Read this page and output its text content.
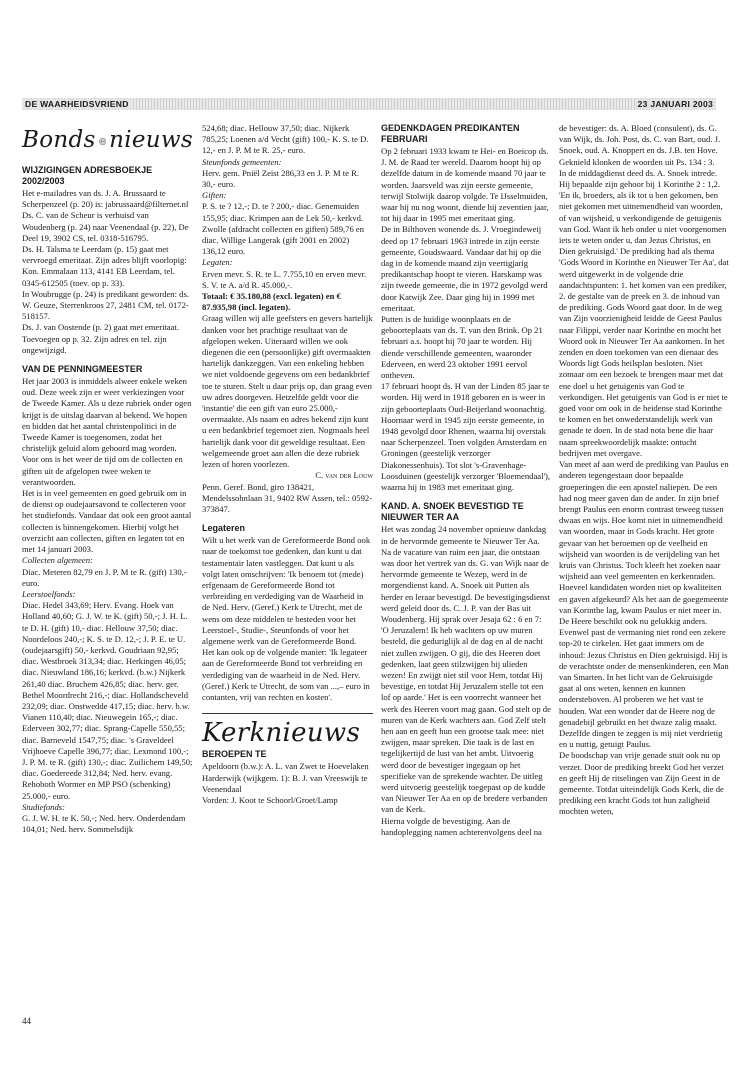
DE WAARHEIDSVRIEND	23 JANUARI 2003
Bonds nieuws
WIJZIGINGEN ADRESBOEKJE 2002/2003

Het e-mailadres van ds. J. A. Brussaard te Scherpenzeel (p. 20) is: jabrussaard@filternet.nl

Ds. C. van de Scheur is verhuisd van Woudenberg (p. 24) naar Veenendaal (p. 22), De Deel 19, 3902 CS, tel. 0318-516795.

Ds. H. Talsma te Leerdam (p. 15) gaat met vervroegd emeritaat. Zijn adres blijft voorlopig: Kon. Emmalaan 113, 4141 EB Leerdam, tel. 0345-612505 (toev. op p. 33).

In Woubrugge (p. 24) is predikant geworden: ds. W. Geuze, Sterrenkroos 27, 2481 CM, tel. 0172-518157.

Ds. J. van Oostende (p. 2) gaat met emeritaat. Toevoegen op p. 32. Zijn adres en tel. zijn ongewijzigd.

VAN DE PENNINGMEESTER

Het jaar 2003 is inmiddels alweer enkele weken oud. Deze week zijn er weer verkiezingen voor de Tweede Kamer. Als u deze rubriek onder ogen krijgt is de uitslag daarvan al bekend. We hopen en bidden dat het aantal christenpolitici in de Tweede Kamer is toegenomen, zodat het christelijk geluid alom gehoord mag worden. Voor ons is het weer de tijd om de collecten en giften uit de afgelopen twee weken te verantwoorden.

Het is in veel gemeenten en goed gebruik om in de dienst op oudejaarsavond te collecteren voor het studiefonds. Vandaar dat ook een groot aantal collecten is binnengekomen. Hierbij volgt het overzicht aan collecten, giften en legaten tot en met 14 januari 2003.

Collecten algemeen:

Diac. Meteren 82,79 en J. P. M te R. (gift) 130,- euro.

Leerstoelfonds:

Diac. Hedel 343,69; Herv. Evang. Hoek van Holland 40,60; G. J. W. te K. (gift) 50,-; J. H. L. te D. H. (gift) 10,- diac. Hellouw 37,50; diac. Noordeloos 240,-; K. S. te D. 12,-; J. P. E. te U. (oudejaarsgift) 50,- kerkvd. Goudriaan 92,95; diac. Westbroek 313,34; diac. Herkingen 46,05; diac. Nieuwland 186,16; kerkvd. (b.w.) Nijkerk 261,40 diac. Bruchem 426,85; diac. herv. ger. Bethel Moordrecht 216,-; diac. Hollandscheveld 232,09; diac. Onstwedde 417,15; diac. herv. b.w. Vianen 110,40; diac. Nieuwegein 165,-; diac. Ederveen 302,77; diac. Sprang-Capelle 550,55; diac. Barneveld 1547,75; diac. 's Graveldeel Vrijhoeve Capelle 396,77; diac. Lexmond 100,-; J. P. M. te R. (gift) 130,-; diac. Zuilichem 149,50; diac. Goedereede 312,84; Ned. herv. evang. Rehoboth Wormer en MP PSO (schenking) 25.000,- euro.

Studiefonds:

G. J. W. H. te K. 50,-; Ned. herv. Onderdendam 104,01; Ned. herv. Sommelsdijk

524,68; diac. Hellouw 37,50; diac. Nijkerk 785,25; Loenen a/d Vecht (gift) 100,- K. S. te D. 12,- en J. P. M te R. 25,- euro.

Steunfonds gemeenten:

Herv. gem. Pniël Zeist 286,33 en J. P. M te R. 30,- euro.

Giften:

P. S. te ? 12,-; D. te ? 200,- diac. Genemuiden 155,95; diac. Krimpen aan de Lek 50,- kerkvd. Zwolle (afdracht collecten en giften) 589,76 en diac. Willige Langerak (gift 2001 en 2002) 136,12 euro.

Legaten:

Erven mevr. S. R. te L. 7.755,10 en erven mevr. S. V. te A. a/d R. 45.000,-.

Totaal: € 35.180,88 (excl. legaten) en € 87.935,98 (incl. legaten).

Graag willen wij alle geefsters en gevers hartelijk danken voor het prachtige resultaat van de afgelopen weken. Uiteraard willen we ook diegenen die een (persoonlijke) gift overmaakten hartelijk dankzeggen. Van een enkeling hebben we niet voldoende gegevens om een bedankbrief toe te sturen. Stelt u daar prijs op, dan graag even uw adres doorgeven. Hetzelfde geldt voor die 'instantie' die een gift van euro 25.000,- overmaakte. Als naam en adres bekend zijn kunt u een bedankbrief tegemoet zien. Nogmaals heel hartelijk dank voor dit geweldige resultaat. Een welgemeende groet aan allen die deze rubriek lezen of horen voorlezen.

C. van der Louw

Penn. Geref. Bond, giro 138421, Mendelssohnlaan 31, 9402 RW Assen, tel.: 0592-373847.

Legateren

Wilt u het werk van de Gereformeerde Bond ook naar de toekomst toe gedenken, dan kunt u dat testamentair laten vastleggen. Dat kunt u als volgt laten omschrijven: 'Ik benoem tot (mede) erfgenaam de Gereformeerde Bond tot verbreiding en verdediging van de Waarheid in de Ned. Herv. (Geref.) Kerk te Utrecht, met de wens om deze middelen te besteden voor het Leerstoel-, Studie-, Steunfonds of voor het algemene werk van de Gereformeerde Bond.

Het kan ook op de volgende manier: 'Ik legateer aan de Gereformeerde Bond tot verbreiding en verdediging van de waarheid in de Ned. Herv. (Geref.) Kerk te Utrecht, de som van ...,– euro in contanten, vrij van rechten en kosten'.

Kerknieuws
BEROEPEN TE

Apeldoorn (b.w.): A. L. van Zwet te Hoevelaken

Harderwijk (wijkgem. 1): B. J. van Vreeswijk te Veenendaal

Vorden: J. Koot te Schoorl/Groet/Lamp

GEDENKDAGEN PREDIKANTEN FEBRUARI

Op 2 februari 1933 kwam te Hei- en Boeicop ds. J. M. de Raad ter wereld. Daarom hoopt hij op dezelfde datum in de komende maand 70 jaar te worden. Jaarsveld was zijn eerste gemeente, terwijl Stolwijk daarop volgde. Te IJsselmuiden, waar hij nu nog woont, diende hij zeventien jaar, tot hij daar in 1995 met emeritaat ging.

De in Bilthoven wonende ds. J. Vroegindeweij deed op 17 februari 1963 intrede in zijn eerste gemeente, Goudswaard. Vandaar dat hij op die dag in de komende maand zijn veertigjarig predikantschap hoopt te vieren. Harskamp was zijn tweede gemeente, die in 1972 gevolgd werd door Katwijk Zee. Daar ging hij in 1999 met emeritaat.

Putten is de huidige woonplaats en de geboorteplaats van ds. T. van den Brink. Op 21 februari a.s. hoopt hij 70 jaar te worden. Hij diende verschillende gemeenten, waaronder Ederveen, en werd 23 oktober 1991 eervol ontheven.

17 februari hoopt ds. H van der Linden 85 jaar te worden. Hij werd in 1918 geboren en is weer in zijn geboorteplaats Oud-Beijerland woonachtig. Hoornaar werd in 1945 zijn eerste gemeente, in 1948 gevolgd door Rhenen, waarna hij overstak naar Scherpenzeel. Toen volgden Amsterdam en Groningen (geestelijk verzorger Diakonessenhuis). Tot slot 's-Gravenhage-Loosduinen (geestelijk verzorger 'Bloemendaal'), waarna hij in 1983 met emeritaat ging.

KAND. A. SNOEK BEVESTIGD TE NIEUWER TER AA

Het was zondag 24 november opnieuw dankdag in de hervormde gemeente te Nieuwer Ter Aa. Na de vacature van ruim een jaar, die ontstaan was door het vertrek van ds. G. van Wijk naar de hervormde gemeente te Wezep, werd in de morgendienst kand. A. Snoek uit Putten als herder en leraar bevestigd. De bevestigingsdienst werd geleid door ds. C. J. P. van der Bas uit Woudenberg. Hij sprak over Jesaja 62 : 6 en 7: 'O Jeruzalem! Ik heb wachters op uw muren besteld, die geduriglijk al de dag en al de nacht niet zullen zwijgen. O gij, die des Heeren doet gedenken, laat geen stilzwijgen bij ulieden wezen! En zwijgt niet stil voor Hem, totdat Hij bevestige, en totdat Hij Jeruzalem stelle tot een lof op aarde.' Het is een voorrecht wanneer het werk des Heeren voort mag gaan. God stelt op de muren van de Kerk wachters aan. God Zelf stelt hen aan en geeft hun een grootse taak mee: niet zwijgen, maar spreken. Die taak is de last en tegelijkertijd de lust van het ambt. Uitvoerig werd door de bevestiger ingegaan op het specifieke van de sprekende wachter. De uitleg werd uitvoerig geestelijk toegepast op de kudde van Nieuwer Ter Aa en op de bredere verbanden van de Kerk.

Hierna volgde de bevestiging. Aan de handoplegging namen achterenvolgens deel na

de bevestiger: ds. A. Bloed (consulent), ds. G. van Wijk, ds. Joh. Post, ds. C. van Bart, oud. J. Snoek, oud. A. Knoppert en ds. J.B. ten Hove. Geknield klonken de woorden uit Ps. 134 : 3.

In de middagdienst deed ds. A. Snoek intrede. Hij bepaalde zijn gehoor bij 1 Korinthe 2 : 1,2. 'En ik, broeders, als ik tot u ben gekomen, ben niet gekomen met uitnemendheid van woorden, of van wijsheid, u verkondigende de getuigenis van God. Want ik heb onder u niet voorgenomen iets te weten onder u, dan Jezus Christus, en Dien gekruisigd.' De prediking had als thema 'Gods Woord in Korinthe en Nieuwer Ter Aa', dat werd uitgewerkt in de volgende drie aandachtspunten: 1. het komen van een prediker, 2. de gestalte van de preek en 3. de inhoud van de prediking. Gods Woord gaat door. In de weg van Zijn voorzienigheid leidde de Geest Paulus naar Filippi, verder naar Korinthe en mocht het Woord ook in Nieuwer Ter Aa aankomen. In het zenden en doen toekomen van een dienaar des Woords ligt Gods heilsplan besloten. Niet zomaar om een bezoek te brengen maar met dat ene doel u het getuigenis van God te verkondigen. Het getuigenis van God is er niet te goed voor om ook in de heidense stad Korinthe te komen en het onwederstandelijk werk van genade te doen. In de stad nota bene die haar naam spreekwoordelijk maakte: ontucht bedrijven met overgave.

Van meet af aan werd de prediking van Paulus en anderen tegengestaan door bepaalde groeperingen die een apostel naliepen. De een had nog meer gaven dan de ander. In zijn brief brengt Paulus een enorm contrast teweeg tussen dwaas en wijs. Hoe komt niet in uitnemendheid van woorden, maar in Gods kracht. Het grote gevaar van het beroemen op de veelheid en wijsheid van woorden is de verijdeling van het kruis van Christus. Toch kleeft het zoeken naar wijsheid aan veel gemeenten en kerkenraden. Hoeveel kandidaten worden niet op kwaliteiten en gaven afgekeurd? Als het aan de goegemeente van Korinthe lag, kwam Paulus er niet meer in. De Heere beschikt ook nu gelukkig anders. Evenwel past de vermaning niet rond een zekere top-20 te cirkelen. Het gaat immers om de inhoud: Jezus Christus en Dien gekruisigd. Hij is de verachtste onder de mensenkinderen, een Man van Smarten. In het licht van de Gekruisigde gaat al ons weten, kennen en kunnen ondersteboven. Al proberen we het vast te houden. Wat een wonder dat de Heere nog de genadebijl gebruikt en het dwaze zalig maakt. Dezelfde dingen te zeggen is mij niet verdrietig en u nuttig, getuigt Paulus.

De boodschap van vrije genade stuit ook nu op verzet. Door de prediking breekt God het verzet en geeft Hij de ritselingen van Zijn Geest in de gemeente. Totdat uiteindelijk Gods Kerk, die de prediking een kracht Gods tot hun zaligheid mochten weten,

44
